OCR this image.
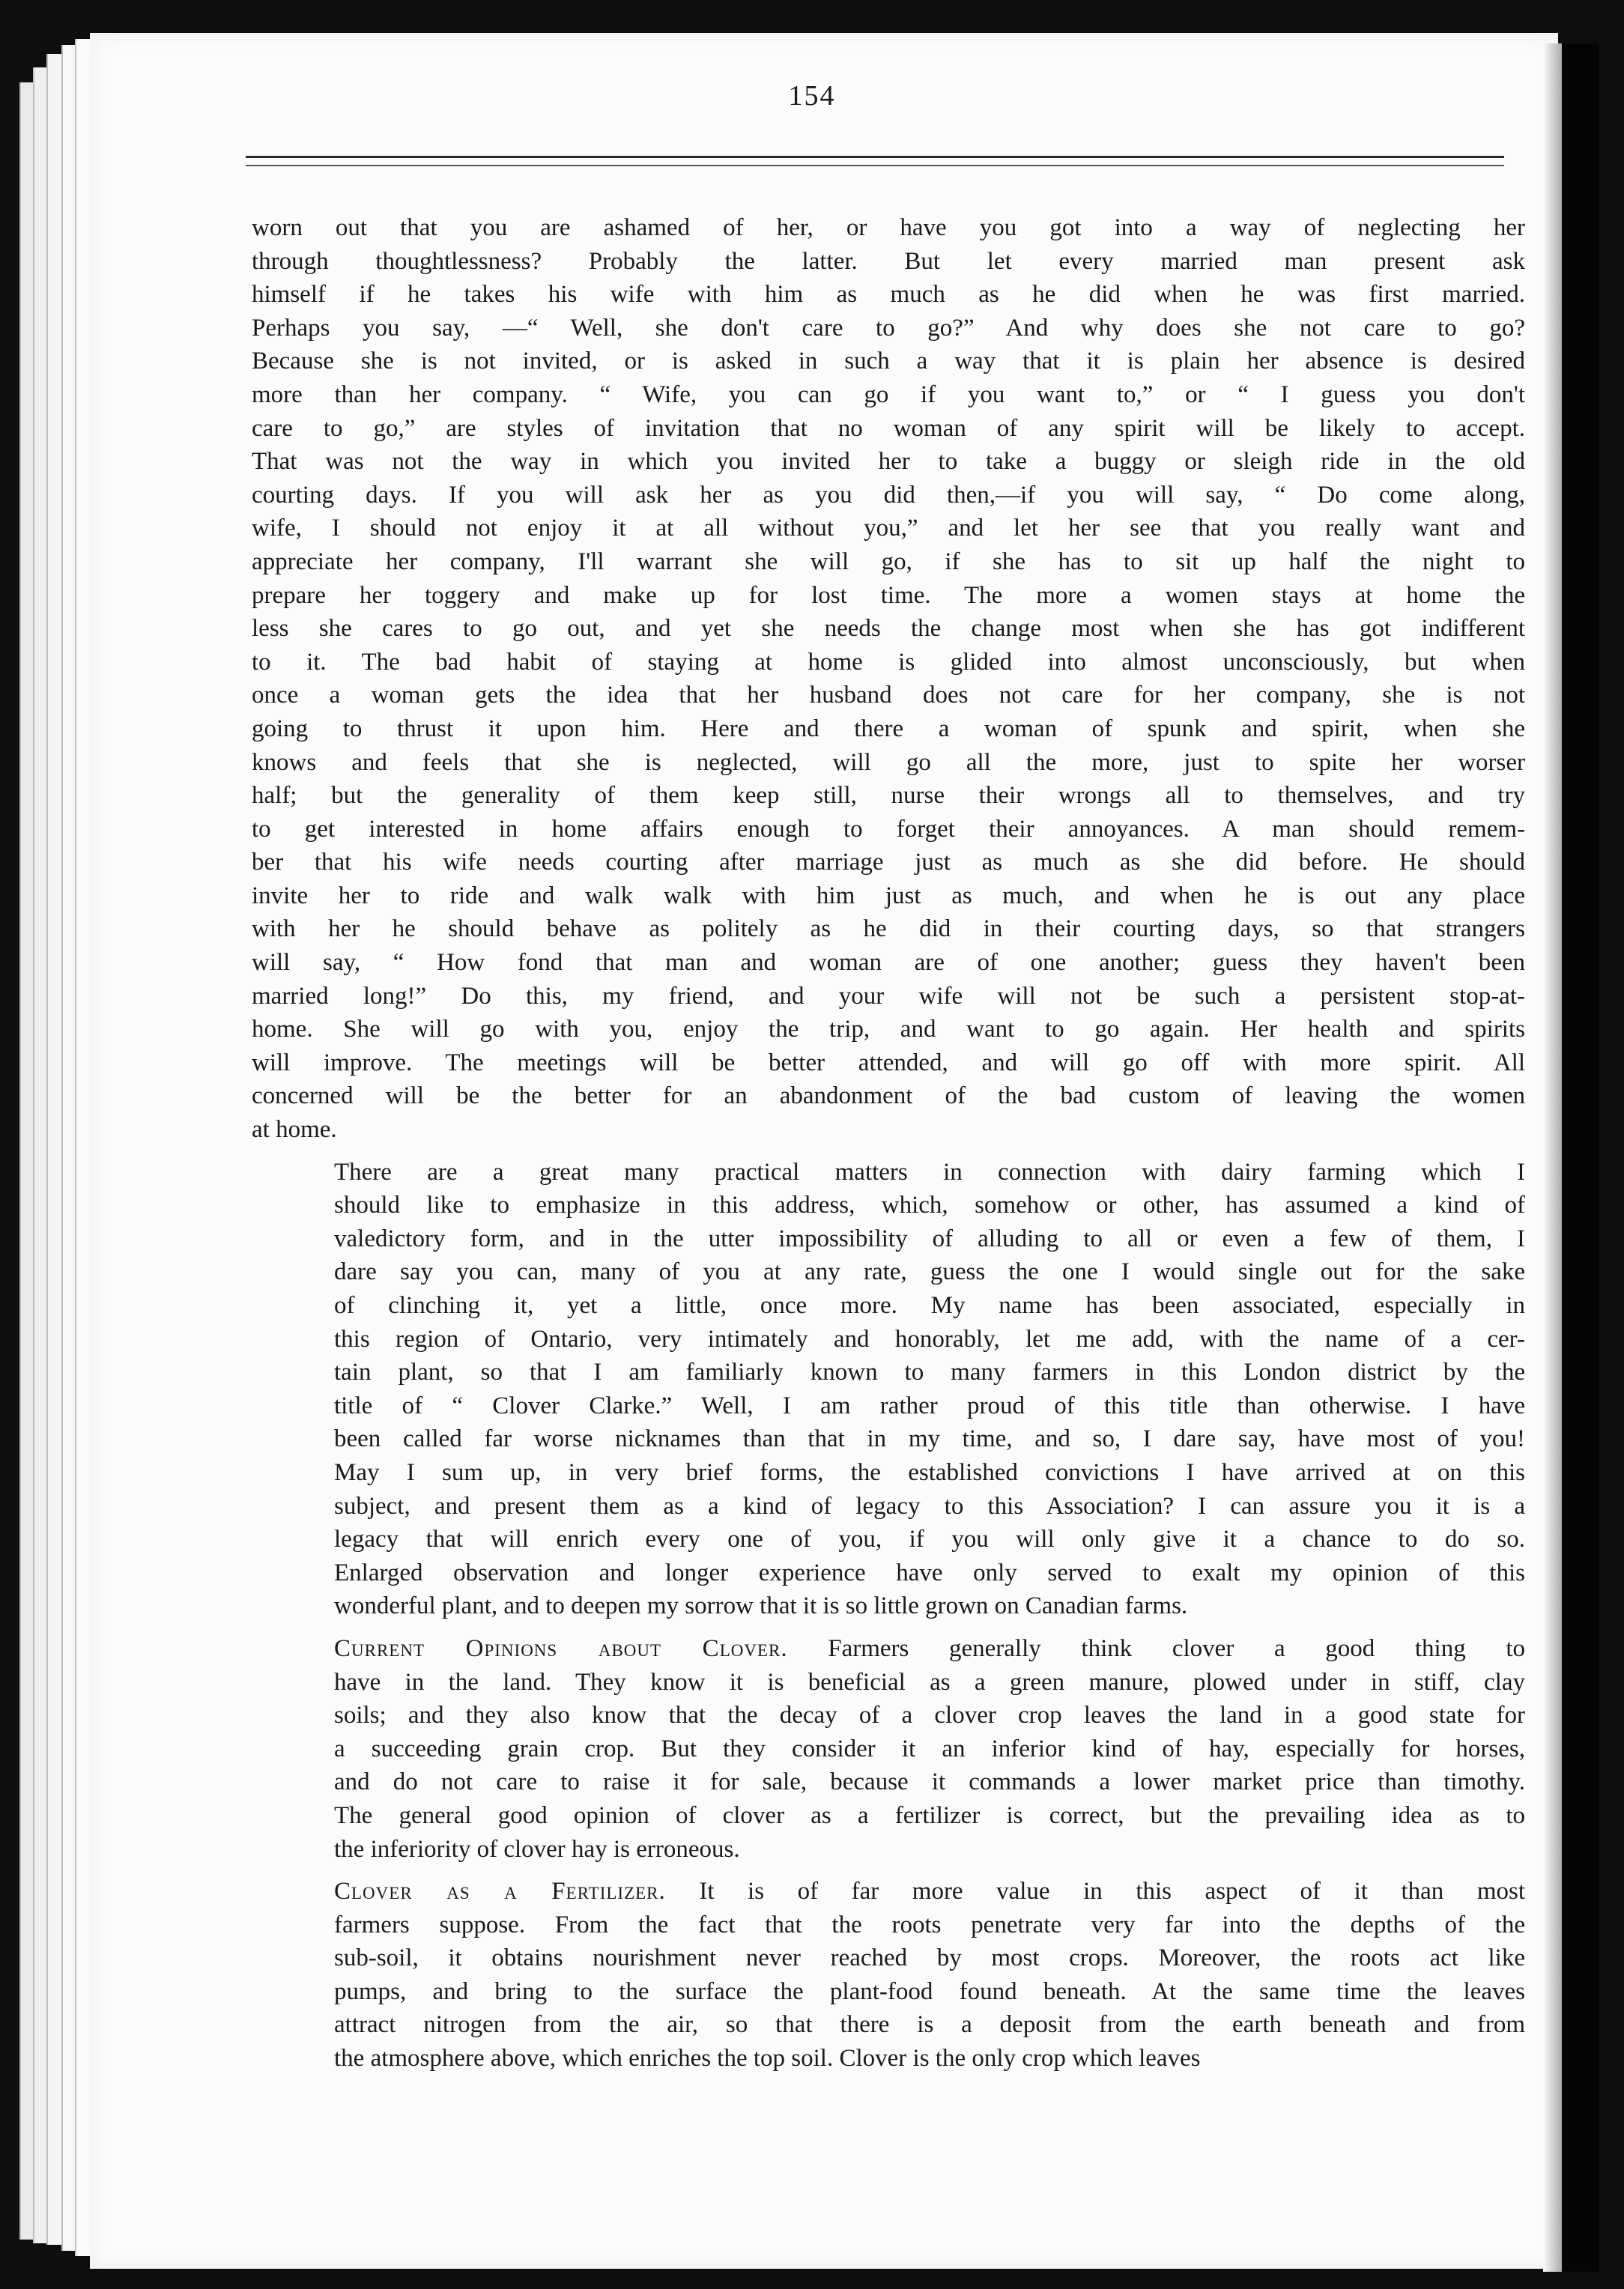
154

worn out that you are ashamed of her, or have you got into a way of neglecting her
through thoughtlessness? Probably the latter. But let every married man present ask
himself if he takes his wife with him as much as he did when he was first married.
Perhaps you say, —“ Well, she don't care to go?” And why does she not care to go?
Because she is not invited, or is asked in such a way that it is plain her absence is desired
more than her company. “ Wife, you can go if you want to,” or “ I guess you don't
care to go,” are styles of invitation that no woman of any spirit will be likely to accept.
That was not the way in which you invited her to take a buggy or sleigh ride in the old
courting days. If you will ask her as you did then,—if you will say, “ Do come along,
wife, I should not enjoy it at all without you,” and let her see that you really want and
appreciate her company, I'll warrant she will go, if she has to sit up half the night to
prepare her toggery and make up for lost time. The more a women stays at home the
less she cares to go out, and yet she needs the change most when she has got indifferent
to it. The bad habit of staying at home is glided into almost unconsciously, but when
once a woman gets the idea that her husband does not care for her company, she is not
going to thrust it upon him. Here and there a woman of spunk and spirit, when she
knows and feels that she is neglected, will go all the more, just to spite her worser
half; but the generality of them keep still, nurse their wrongs all to themselves, and try
to get interested in home affairs enough to forget their annoyances. A man should remem-
ber that his wife needs courting after marriage just as much as she did before. He should
invite her to ride and walk walk with him just as much, and when he is out any place
with her he should behave as politely as he did in their courting days, so that strangers
will say, “ How fond that man and woman are of one another; guess they haven't been
married long!” Do this, my friend, and your wife will not be such a persistent stop-at-
home. She will go with you, enjoy the trip, and want to go again. Her health and spirits
will improve. The meetings will be better attended, and will go off with more spirit. All
concerned will be the better for an abandonment of the bad custom of leaving the women
at home.

There are a great many practical matters in connection with dairy farming which I
should like to emphasize in this address, which, somehow or other, has assumed a kind of
valedictory form, and in the utter impossibility of alluding to all or even a few of them, I
dare say you can, many of you at any rate, guess the one I would single out for the sake
of clinching it, yet a little, once more. My name has been associated, especially in
this region of Ontario, very intimately and honorably, let me add, with the name of a cer-
tain plant, so that I am familiarly known to many farmers in this London district by the
title of “ Clover Clarke.” Well, I am rather proud of this title than otherwise. I have
been called far worse nicknames than that in my time, and so, I dare say, have most of you!
May I sum up, in very brief forms, the established convictions I have arrived at on this
subject, and present them as a kind of legacy to this Association? I can assure you it is a
legacy that will enrich every one of you, if you will only give it a chance to do so.
Enlarged observation and longer experience have only served to exalt my opinion of this
wonderful plant, and to deepen my sorrow that it is so little grown on Canadian farms.

Current Opinions about Clover. Farmers generally think clover a good thing to
have in the land. They know it is beneficial as a green manure, plowed under in stiff, clay
soils; and they also know that the decay of a clover crop leaves the land in a good state for
a succeeding grain crop. But they consider it an inferior kind of hay, especially for horses,
and do not care to raise it for sale, because it commands a lower market price than timothy.
The general good opinion of clover as a fertilizer is correct, but the prevailing idea as to
the inferiority of clover hay is erroneous.

Clover as a Fertilizer. It is of far more value in this aspect of it than most
farmers suppose. From the fact that the roots penetrate very far into the depths of the
sub-soil, it obtains nourishment never reached by most crops. Moreover, the roots act like
pumps, and bring to the surface the plant-food found beneath. At the same time the leaves
attract nitrogen from the air, so that there is a deposit from the earth beneath and from
the atmosphere above, which enriches the top soil. Clover is the only crop which leaves
